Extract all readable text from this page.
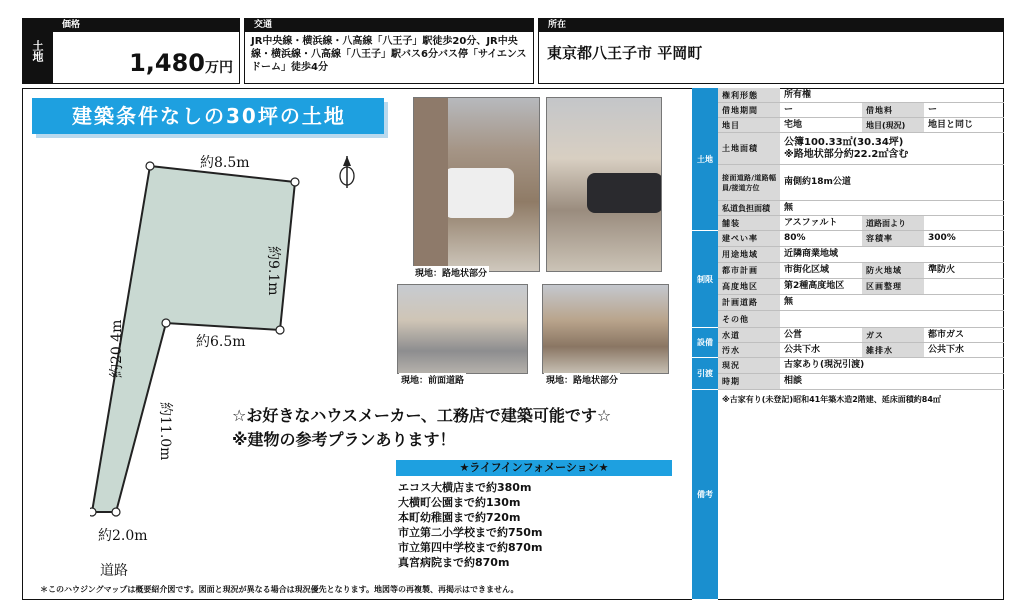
土地
価格
1,480 万円
交通
JR中央線・横浜線・八高線「八王子」駅徒歩20分、JR中央線・横浜線・八高線「八王子」駅バス6分バス停「サイエンスドーム」徒歩4分
所在
東京都八王子市 平岡町
建築条件なしの30坪の土地
約8.5m
約9.1m
約6.5m
約20.4m
約11.0m
約2.0m
道路
現地：路地状部分
現地：前面道路	現地：路地状部分
☆お好きなハウスメーカー、工務店で建築可能です☆
※建物の参考プランあります！
★ライフインフォメーション★
エコス大横店まで約380m
大横町公園まで約130m
本町幼稚園まで約720m
市立第二小学校まで約750m
市立第四中学校まで約870m
真宮病院まで約870m
＊このハウジングマップは概要紹介図です。図面と現況が異なる場合は現況優先となります。地図等の再複製、再掲示はできません。
土地
権利形態	所有権
借地期間	ー	借地料	ー
地目	宅地	地目(現況)	地目と同じ
土地面積
公簿100.33㎡(30.34坪)
※路地状部分約22.2㎡含む
接面道路/道路幅員/接道方位
南側約18m公道
私道負担面積	無
舗装	アスファルト	道路面より
制限
建ぺい率	80%	容積率	300%
用途地域	近隣商業地域
都市計画	市街化区域	防火地域	準防火
高度地区	第2種高度地区	区画整理
計画道路	無
その他
設備
水道	公営	ガス	都市ガス
汚水	公共下水	雑排水	公共下水
引渡
現況	古家あり(現況引渡)
時期	相談
備考
※古家有り(未登記)昭和41年築木造2階建、延床面積約84㎡
